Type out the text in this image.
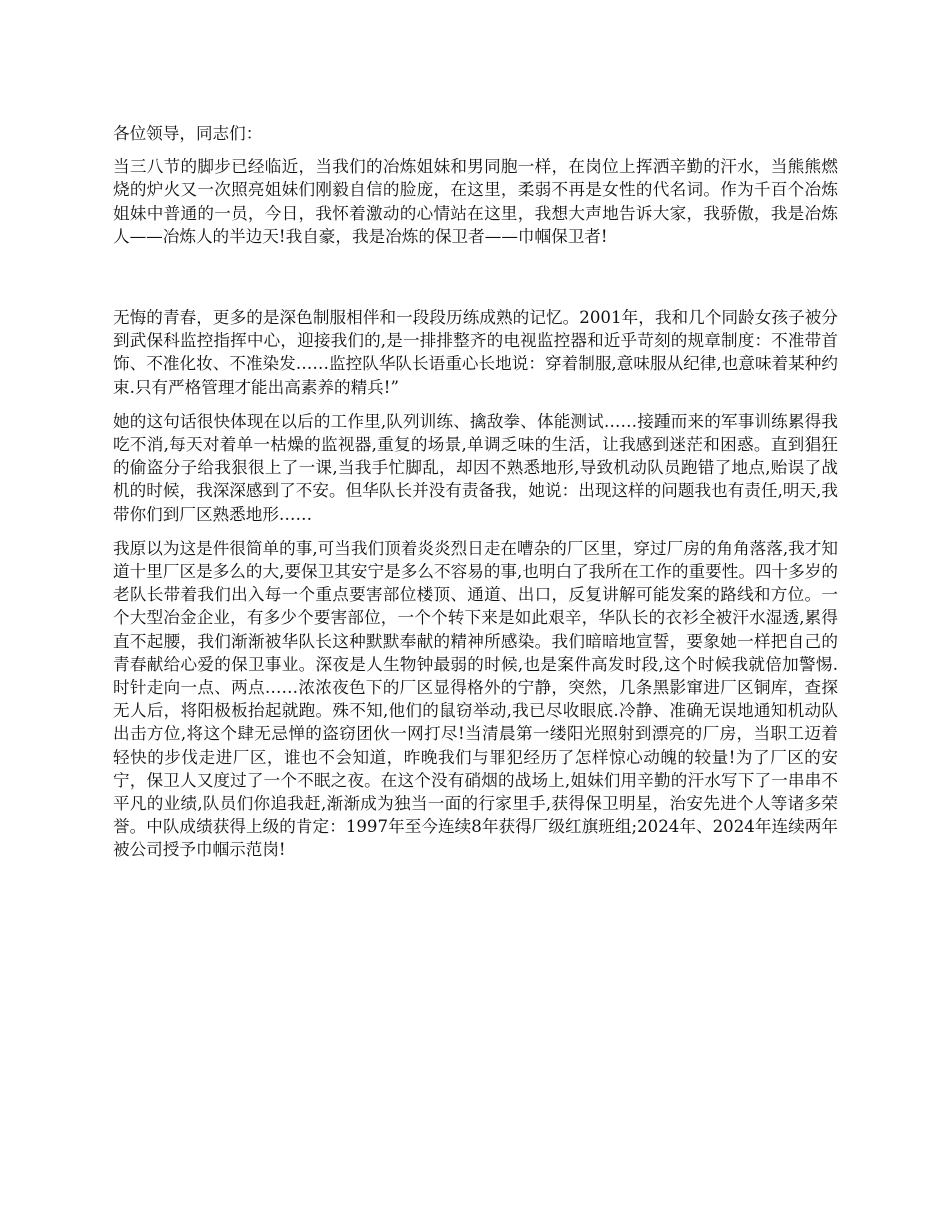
各位领导，同志们：

当三八节的脚步已经临近，当我们的冶炼姐妹和男同胞一样，在岗位上挥洒辛勤的汗水，当熊熊燃烧的炉火又一次照亮姐妹们刚毅自信的脸庞，在这里，柔弱不再是女性的代名词。作为千百个冶炼姐妹中普通的一员，今日，我怀着激动的心情站在这里，我想大声地告诉大家，我骄傲，我是冶炼人——冶炼人的半边天!我自豪，我是冶炼的保卫者——巾帼保卫者!

无悔的青春，更多的是深色制服相伴和一段段历练成熟的记忆。2001年，我和几个同龄女孩子被分到武保科监控指挥中心，迎接我们的,是一排排整齐的电视监控器和近乎苛刻的规章制度：不准带首饰、不准化妆、不准染发……监控队华队长语重心长地说：穿着制服,意味服从纪律,也意味着某种约束.只有严格管理才能出高素养的精兵!”

她的这句话很快体现在以后的工作里,队列训练、擒敌拳、体能测试……接踵而来的军事训练累得我吃不消,每天对着单一枯燥的监视器,重复的场景,单调乏味的生活，让我感到迷茫和困惑。直到猖狂的偷盗分子给我狠很上了一课,当我手忙脚乱，却因不熟悉地形,导致机动队员跑错了地点,贻误了战机的时候，我深深感到了不安。但华队长并没有责备我，她说：出现这样的问题我也有责任,明天,我带你们到厂区熟悉地形……

我原以为这是件很简单的事,可当我们顶着炎炎烈日走在嘈杂的厂区里，穿过厂房的角角落落,我才知道十里厂区是多么的大,要保卫其安宁是多么不容易的事,也明白了我所在工作的重要性。四十多岁的老队长带着我们出入每一个重点要害部位楼顶、通道、出口，反复讲解可能发案的路线和方位。一个大型冶金企业，有多少个要害部位，一个个转下来是如此艰辛，华队长的衣衫全被汗水湿透,累得直不起腰，我们渐渐被华队长这种默默奉献的精神所感染。我们暗暗地宣誓，要象她一样把自己的青春献给心爱的保卫事业。深夜是人生物钟最弱的时候,也是案件高发时段,这个时候我就倍加警惕.时针走向一点、两点……浓浓夜色下的厂区显得格外的宁静，突然，几条黑影窜进厂区铜库，查探无人后，将阳极板抬起就跑。殊不知,他们的鼠窃举动,我已尽收眼底.冷静、准确无误地通知机动队出击方位,将这个肆无忌惮的盗窃团伙一网打尽!当清晨第一缕阳光照射到漂亮的厂房，当职工迈着轻快的步伐走进厂区，谁也不会知道，昨晚我们与罪犯经历了怎样惊心动魄的较量!为了厂区的安宁，保卫人又度过了一个不眠之夜。在这个没有硝烟的战场上,姐妹们用辛勤的汗水写下了一串串不平凡的业绩,队员们你追我赶,渐渐成为独当一面的行家里手,获得保卫明星，治安先进个人等诸多荣誉。中队成绩获得上级的肯定：1997年至今连续8年获得厂级红旗班组;2024年、2024年连续两年被公司授予巾帼示范岗!
